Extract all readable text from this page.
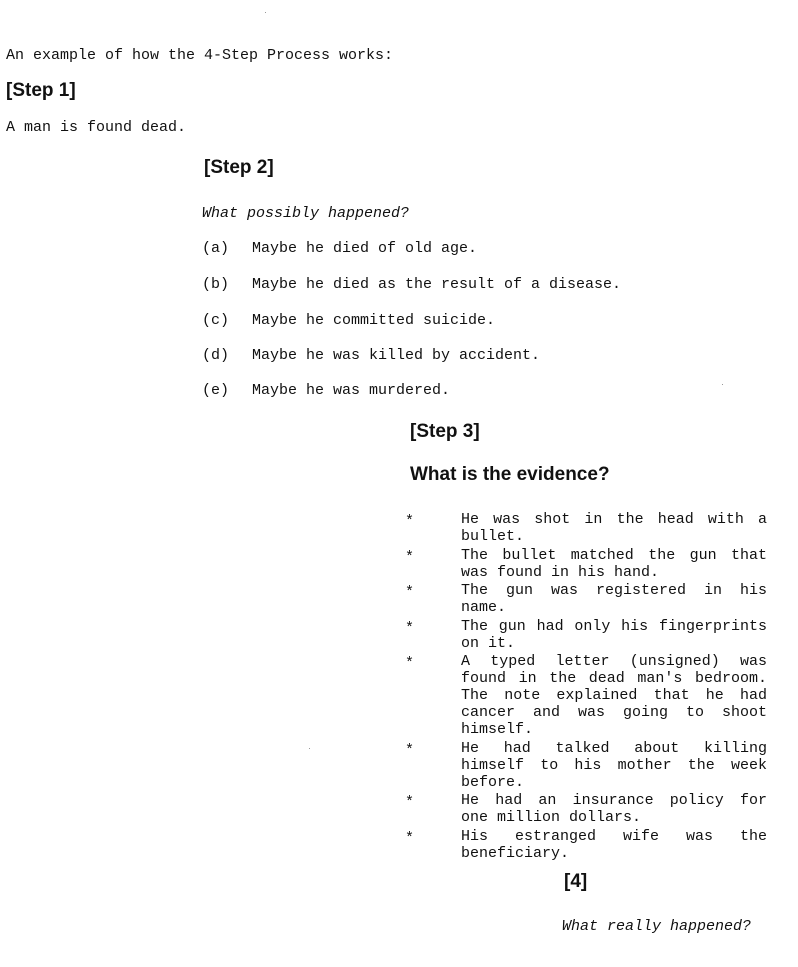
An example of how the 4-Step Process works:
[Step 1]
A man is found dead.
[Step 2]
What possibly happened?
(a) Maybe he died of old age.
(b) Maybe he died as the result of a disease.
(c) Maybe he committed suicide.
(d) Maybe he was killed by accident.
(e) Maybe he was murdered.
[Step 3]
What is the evidence?
*	He was shot in the head with a bullet.
*	The bullet matched the gun that was found in his hand.
*	The gun was registered in his name.
*	The gun had only his fingerprints on it.
*	A typed letter (unsigned) was found in the dead man's bedroom. The note explained that he had cancer and was going to shoot himself.
*	He had talked about killing himself to his mother the week before.
*	He had an insurance policy for one million dollars.
*	His estranged wife was the beneficiary.
[4]
What really happened?
